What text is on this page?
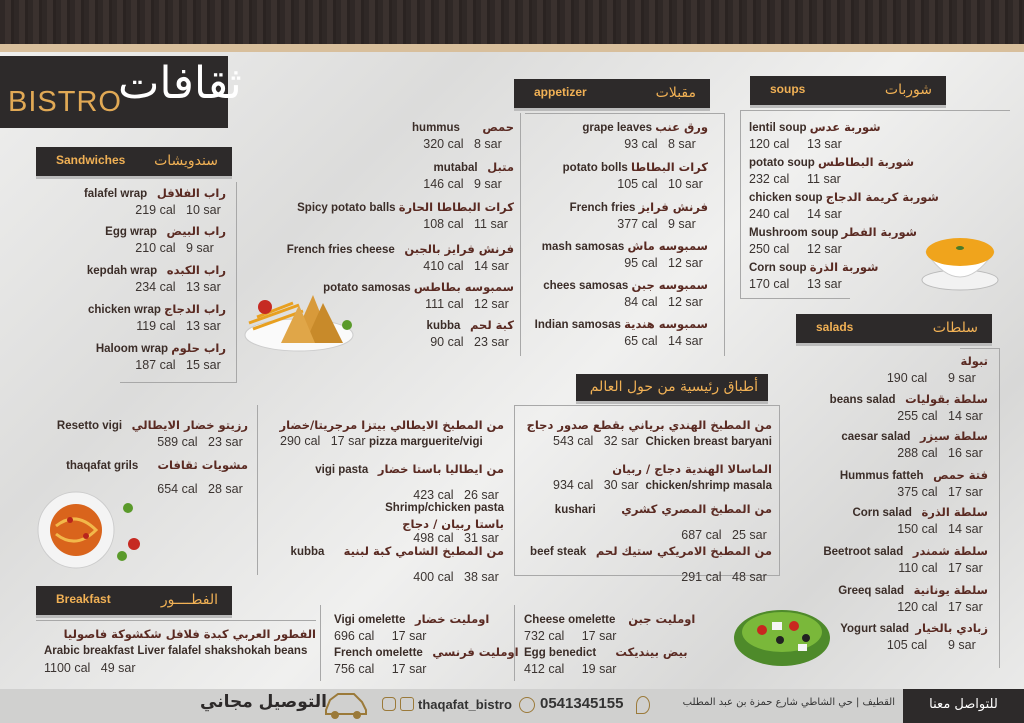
ثقافات
BISTRO	soups	شوربات
lentil soup شوربة عدس
120 cal 13 sar
potato soup شوربة البطاطس
232 cal 11 sar
chicken soup شوربة كريمة الدجاج
240 cal 14 sar
Mushroom soup شوربة الفطر
250 cal 12 sar
Corn soup شوربة الذرة
170 cal 13 sar
appetizer	مقبلات
grape leaves ورق عنب
93 cal 8 sar
potato bolls كرات البطاطا
105 cal 10 sar
French fries فرنش فرايز
377 cal 9 sar
mash samosas سمبوسه ماش
95 cal 12 sar
chees samosas سمبوسه جبن
84 cal 12 sar
Indian samosas سمبوسه هندية
65 cal 14 sar
hummus حمص
320 cal 8 sar
mutabal متبل
146 cal 9 sar
Spicy potato balls كرات البطاطا الحارة
108 cal 11 sar
French fries cheese فرنش فرايز بالجبن
410 cal 14 sar
potato samosas سمبوسه بطاطس
111 cal 12 sar
kubba كبة لحم
90 cal 23 sar
Sandwiches سندويشات
falafel wrap راب الفلافل
219 cal 10 sar
Egg wrap راب البيض
210 cal 9 sar
kepdah wrap راب الكبده
234 cal 13 sar
chicken wrap راب الدجاج
119 cal 13 sar
Haloom wrap راب حلوم
187 cal 15 sar
salads	سلطات
تبولة
190 cal 9 sar
beans salad سلطة بقوليات
255 cal 14 sar
caesar salad سلطة سيزر
288 cal 16 sar
Hummus fatteh فتة حمص
375 cal 17 sar
Corn salad سلطة الذرة
150 cal 14 sar
Beetroot salad سلطة شمندر
110 cal 17 sar
Greeq salad سلطة يونانية
120 cal 17 sar
Yogurt salad زبادي بالخيار
105 cal 9 sar
أطباق رئيسية من حول العالم
من المطبخ الهندي برياني بقطع صدور دجاج
543 cal 32 sar Chicken breast baryani
الماسالا الهندية دجاج / ربيان
934 cal 30 sar chicken/shrimp masala
kushari من المطبخ المصري كشري
687 cal 25 sar
beef steak من المطبخ الامريكي ستيك لحم
291 cal 48 sar
من المطبخ الايطالي بيتزا مرجريتا/خضار
290 cal 17 sar pizza marguerite/vigi
vigi pasta من ايطاليا باستا خضار
423 cal 26 sar
Shrimp/chicken pasta
باستا ربيان / دجاج
498 cal 31 sar
kubba من المطبخ الشامي كبة لبنية
400 cal 38 sar
Resetto vigi رزيتو خضار الايطالي
589 cal 23 sar
thaqafat grils مشويات ثقافات
654 cal 28 sar
Breakfast	الفطــــور
الفطور العربي كبدة فلافل شكشوكة فاصوليا
Arabic breakfast Liver falafel shakshokah beans
1100 cal 49 sar
Vigi omelette اومليت خضار
696 cal 17 sar
French omelette اومليت فرنسي
756 cal 17 sar
Cheese omelette اومليت جبن
732 cal 17 sar
Egg benedict بيض بينديكت
412 cal 19 sar
للتواصل معنا
القطيف | حي الشاطي شارع حمزة بن عبد المطلب
0541345155
thaqafat_bistro
التوصيل مجاني
